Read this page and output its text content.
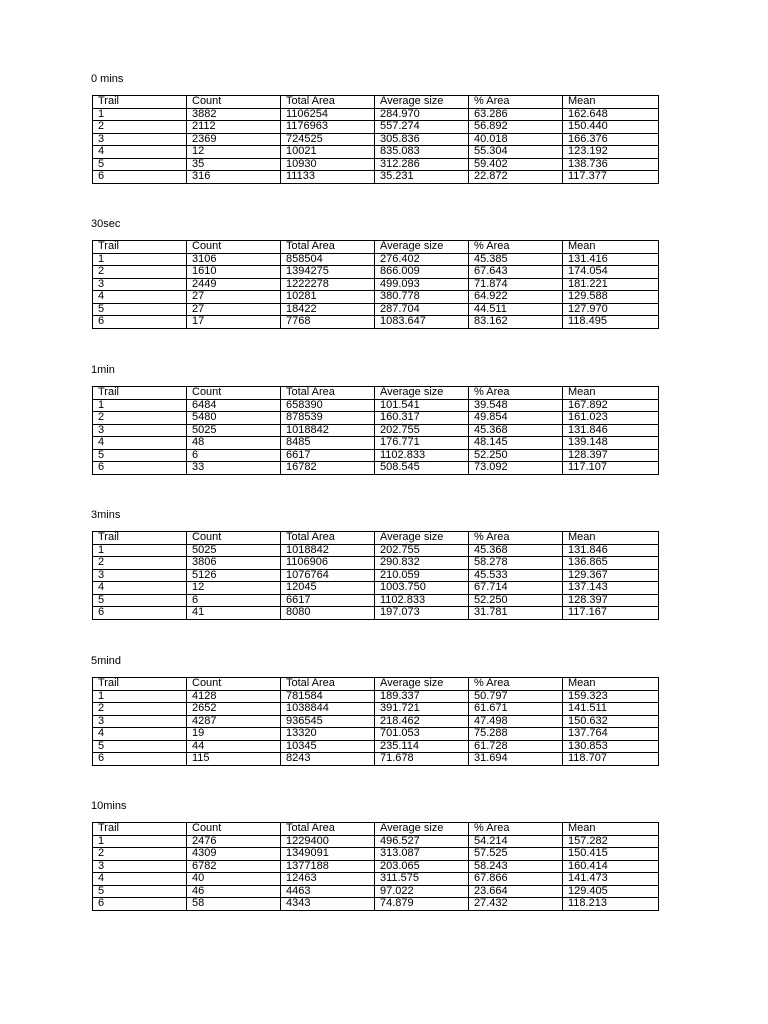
0 mins
Trail	Count	Total Area	Average size	% Area	Mean
1	3882	1106254	284.970	63.286	162.648
2	2112	1176963	557.274	56.892	150.440
3	2369	724525	305.836	40.018	166.376
4	12	10021	835.083	55.304	123.192
5	35	10930	312.286	59.402	138.736
6	316	11133	35.231	22.872	117.377
30sec
Trail	Count	Total Area	Average size	% Area	Mean
1	3106	858504	276.402	45.385	131.416
2	1610	1394275	866.009	67.643	174.054
3	2449	1222278	499.093	71.874	181.221
4	27	10281	380.778	64.922	129.588
5	27	18422	287.704	44.511	127.970
6	17	7768	1083.647	83.162	118.495
1min
Trail	Count	Total Area	Average size	% Area	Mean
1	6484	658390	101.541	39.548	167.892
2	5480	878539	160.317	49.854	161.023
3	5025	1018842	202.755	45.368	131.846
4	48	8485	176.771	48.145	139.148
5	6	6617	1102.833	52.250	128.397
6	33	16782	508.545	73.092	117.107
3mins
Trail	Count	Total Area	Average size	% Area	Mean
1	5025	1018842	202.755	45.368	131.846
2	3806	1106906	290.832	58.278	136.865
3	5126	1076764	210.059	45.533	129.367
4	12	12045	1003.750	67.714	137.143
5	6	6617	1102.833	52.250	128.397
6	41	8080	197.073	31.781	117.167
5mind
Trail	Count	Total Area	Average size	% Area	Mean
1	4128	781584	189.337	50.797	159.323
2	2652	1038844	391.721	61.671	141.511
3	4287	936545	218.462	47.498	150.632
4	19	13320	701.053	75.288	137.764
5	44	10345	235.114	61.728	130.853
6	115	8243	71.678	31.694	118.707
10mins
Trail	Count	Total Area	Average size	% Area	Mean
1	2476	1229400	496.527	54.214	157.282
2	4309	1349091	313.087	57.525	150.415
3	6782	1377188	203.065	58.243	160.414
4	40	12463	311.575	67.866	141.473
5	46	4463	97.022	23.664	129.405
6	58	4343	74.879	27.432	118.213
